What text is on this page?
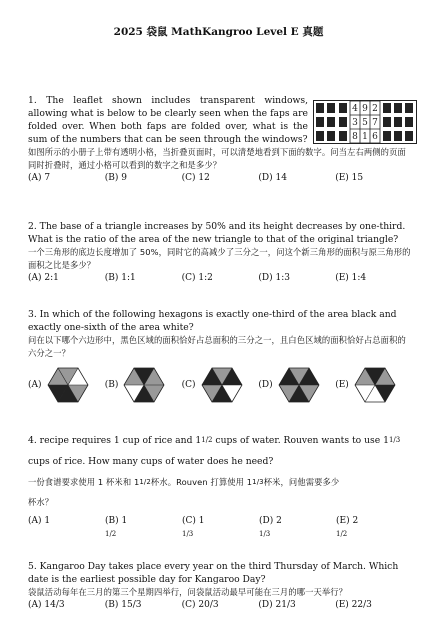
2025 袋鼠 MathKangroo Level E 真题

1. The leaflet shown includes transparent windows, allowing what is below to be clearly seen when the faps are folded over. When both faps are folded over, what is the sum of the numbers that can be seen through the windows?

如图所示的小册子上带有透明小格，当折叠页面时，可以清楚地看到下面的数字。问当左右两侧的页面同时折叠时，通过小格可以看到的数字之和是多少？

(A) 7	(B) 9	(C) 12	(D) 14	(E) 15
4 9 2
3 5 7
8 1 6

2. The base of a triangle increases by 50% and its height decreases by one-third. What is the ratio of the area of the new triangle to that of the original triangle?

一个三角形的底边长度增加了 50%，同时它的高减少了三分之一，问这个新三角形的面积与原三角形的面积之比是多少？

(A) 2:1	(B) 1:1	(C) 1:2	(D) 1:3	(E) 1:4

3. In which of the following hexagons is exactly one-third of the area black and exactly one-sixth of the area white?

问在以下哪个六边形中，黑色区域的面积恰好占总面积的三分之一，且白色区域的面积恰好占总面积的六分之一？

(A)	(B)	(C)	(D)	(E)

4. recipe requires 1 cup of rice and 11/2 cups of water. Rouven wants to use 11/3

cups of rice. How many cups of water does he need?

一份食谱要求使用 1 杯米和 11/2杯水。Rouven 打算使用 11/3杯米，问他需要多少

杯水？

(A) 1	(B) 11/2
(C) 11/3
(D) 21/3
(E) 21/2

5. Kangaroo Day takes place every year on the third Thursday of March. Which date is the earliest possible day for Kangaroo Day?

袋鼠活动每年在三月的第三个星期四举行，问袋鼠活动最早可能在三月的哪一天举行？

(A) 14/3	(B) 15/3	(C) 20/3	(D) 21/3	(E) 22/3
